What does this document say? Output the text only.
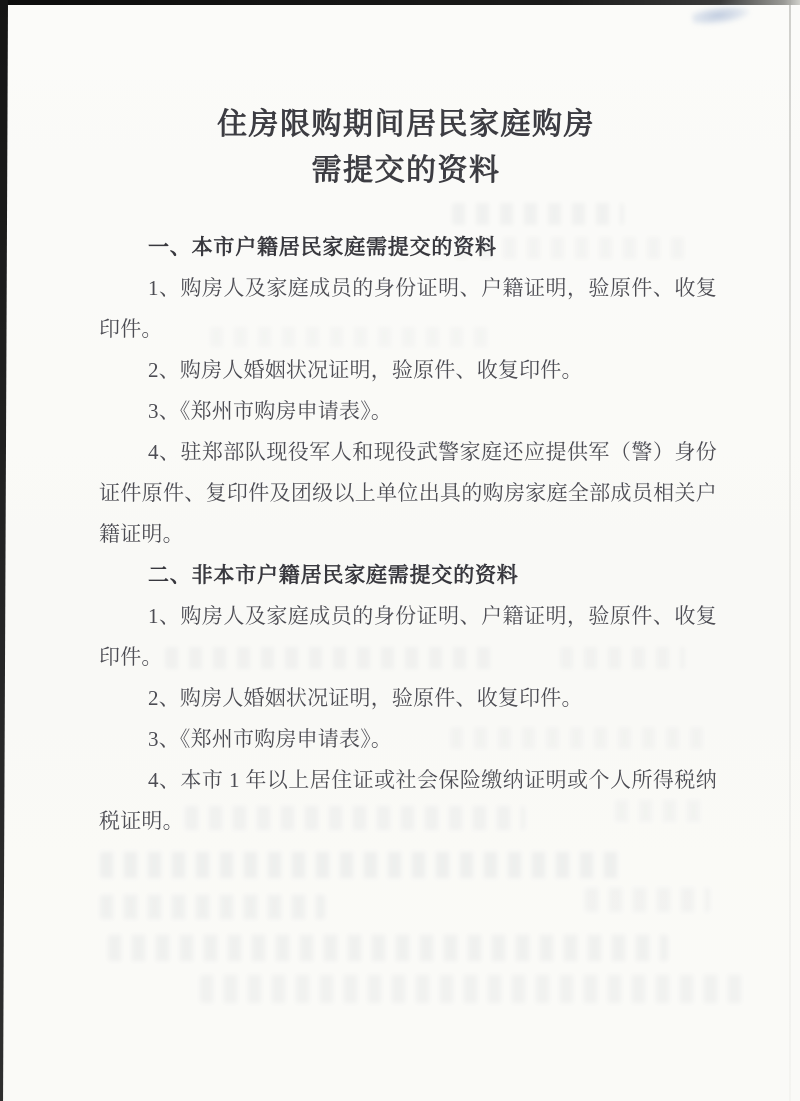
住房限购期间居民家庭购房
需提交的资料

一、本市户籍居民家庭需提交的资料

1、购房人及家庭成员的身份证明、户籍证明，验原件、收复印件。

2、购房人婚姻状况证明，验原件、收复印件。

3、《郑州市购房申请表》。

4、驻郑部队现役军人和现役武警家庭还应提供军（警）身份证件原件、复印件及团级以上单位出具的购房家庭全部成员相关户籍证明。

二、非本市户籍居民家庭需提交的资料

1、购房人及家庭成员的身份证明、户籍证明，验原件、收复印件。

2、购房人婚姻状况证明，验原件、收复印件。

3、《郑州市购房申请表》。

4、本市 1 年以上居住证或社会保险缴纳证明或个人所得税纳税证明。
